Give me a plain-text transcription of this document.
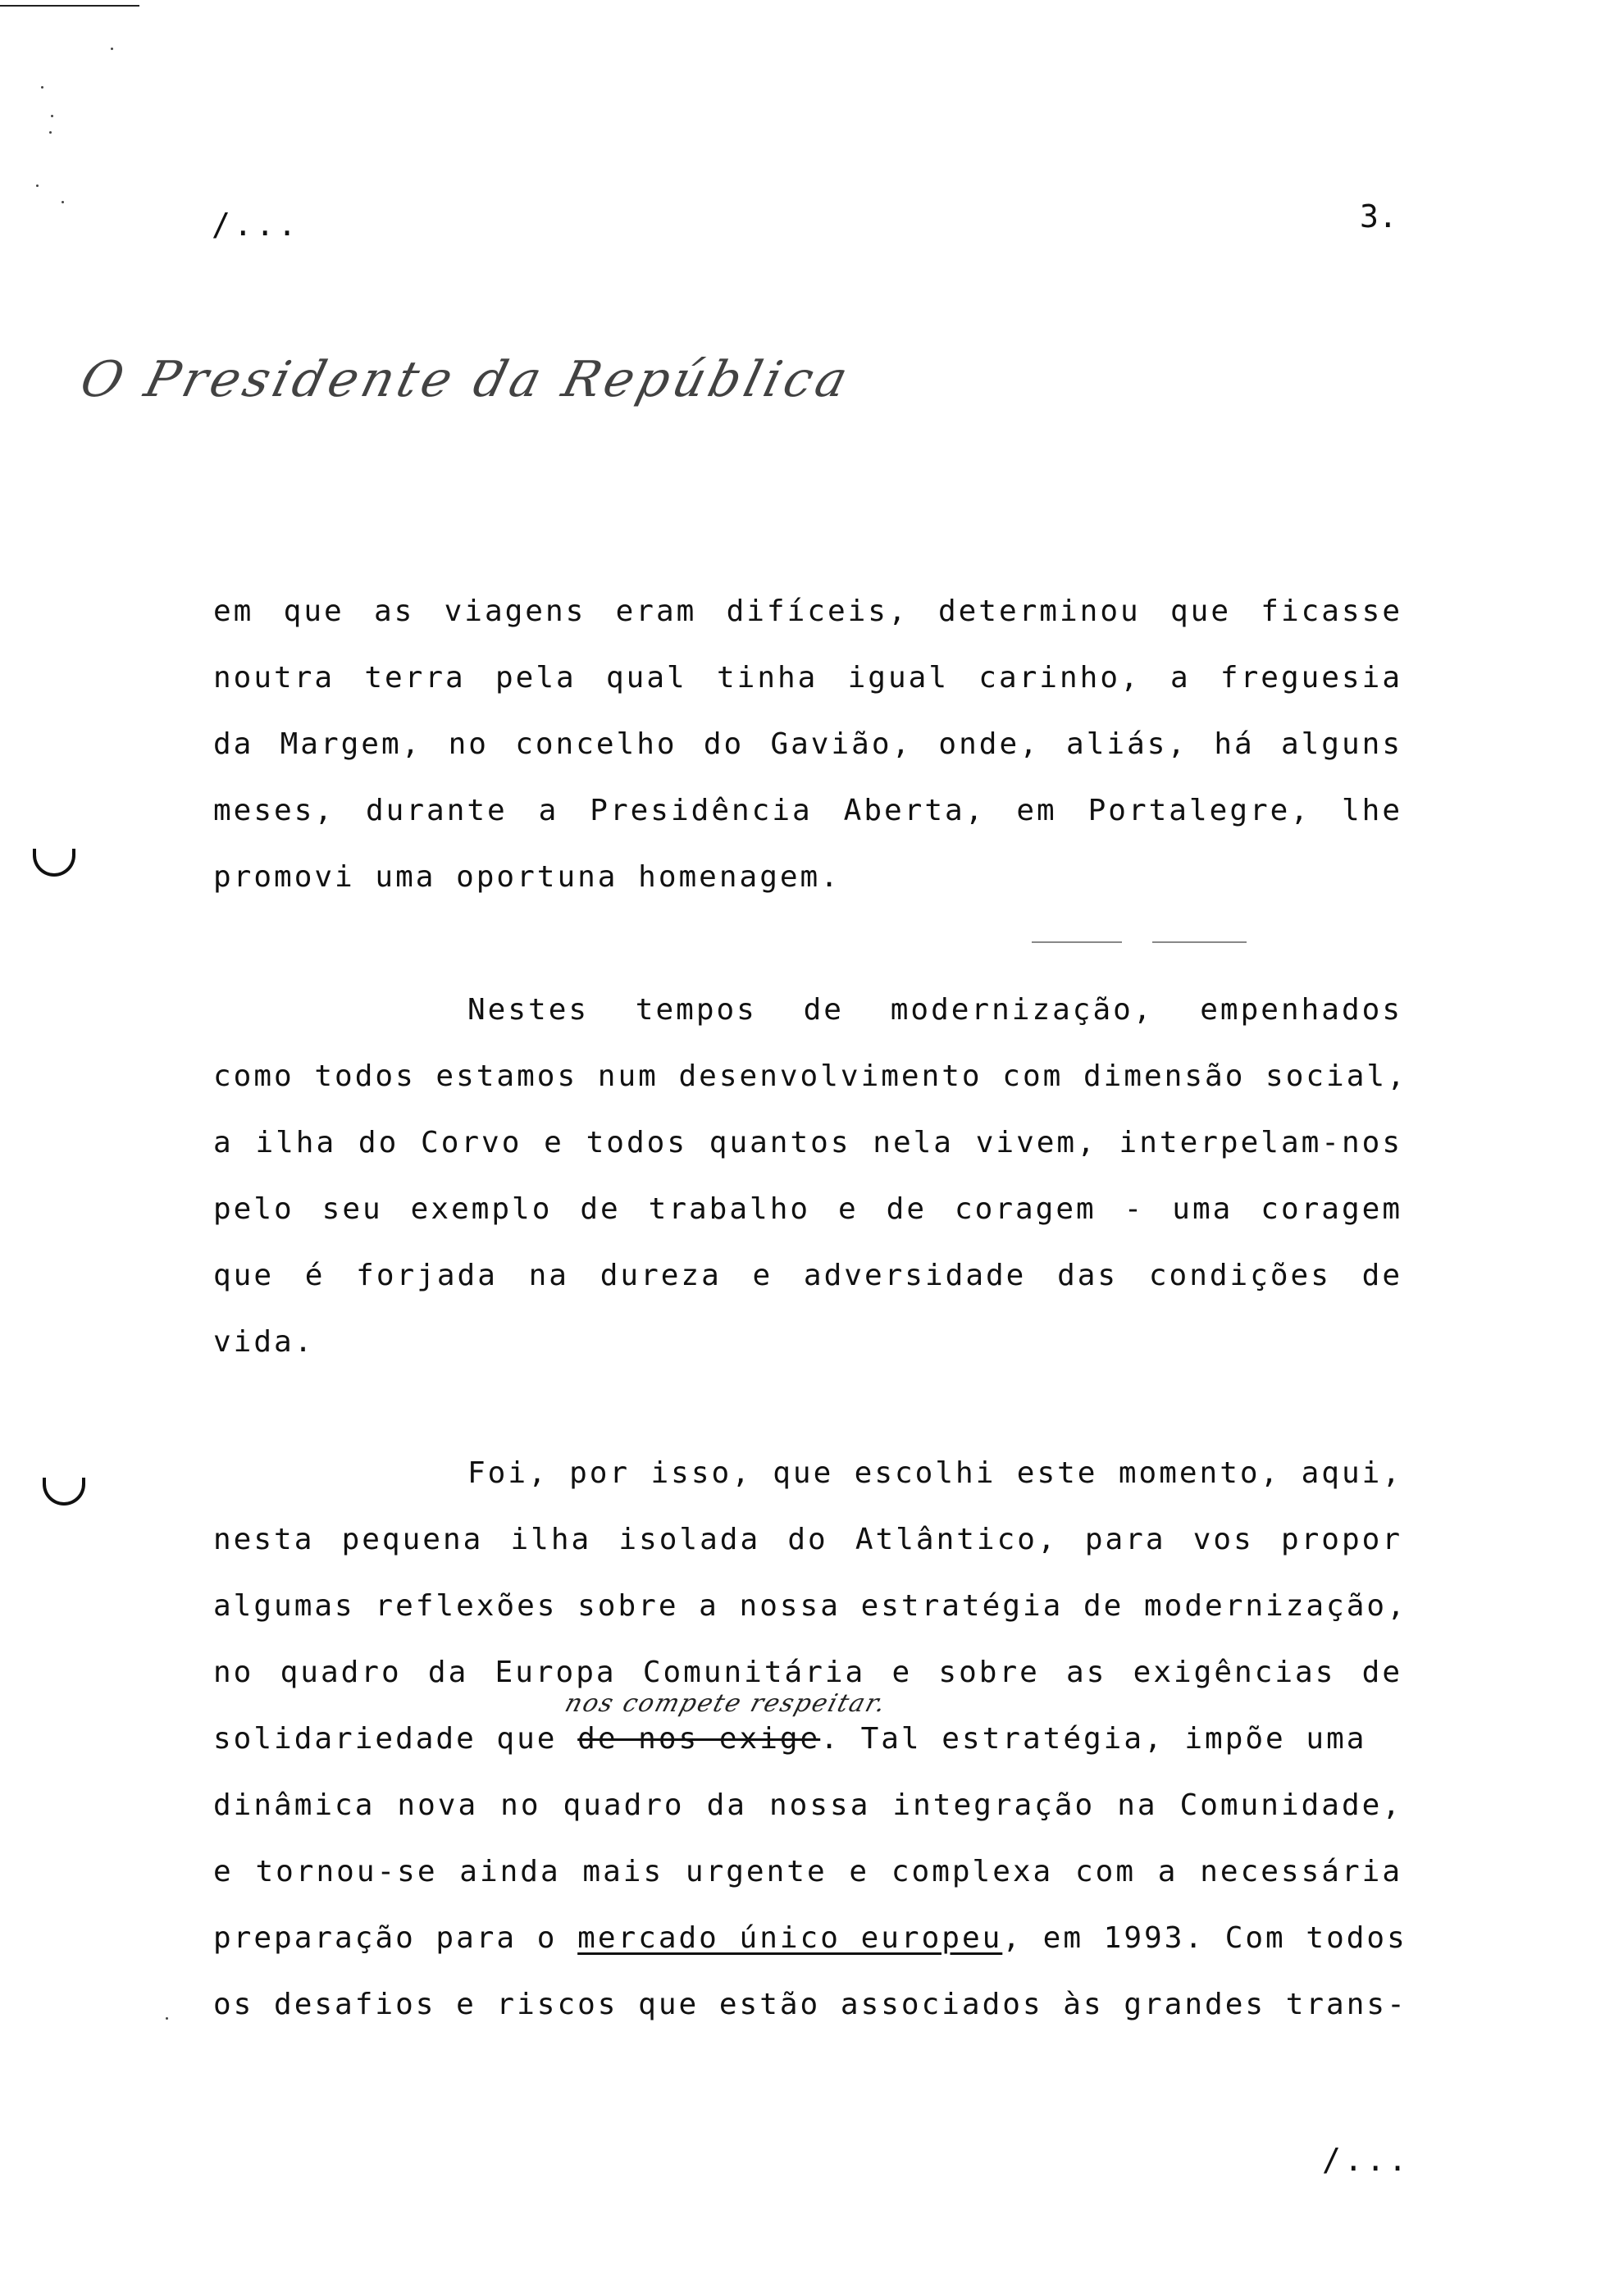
/...	3.
O Presidente da República
em que as viagens eram difíceis, determinou que ficasse
noutra terra pela qual tinha igual carinho, a freguesia
da Margem, no concelho do Gavião, onde, aliás, há alguns
meses, durante a Presidência Aberta, em Portalegre, lhe
promovi uma oportuna homenagem.
Nestes tempos de modernização, empenhados
como todos estamos num desenvolvimento com dimensão social,
a ilha do Corvo e todos quantos nela vivem, interpelam-nos
pelo seu exemplo de trabalho e de coragem - uma coragem
que é forjada na dureza e adversidade das condições de
vida.
Foi, por isso, que escolhi este momento, aqui,
nesta pequena ilha isolada do Atlântico, para vos propor
algumas reflexões sobre a nossa estratégia de modernização,
no quadro da Europa Comunitária e sobre as exigências de
nos compete respeitar.
solidariedade que de nos exige. Tal estratégia, impõe uma
dinâmica nova no quadro da nossa integração na Comunidade,
e tornou-se ainda mais urgente e complexa com a necessária
preparação para o mercado único europeu, em 1993. Com todos
os desafios e riscos que estão associados às grandes trans-
/...
